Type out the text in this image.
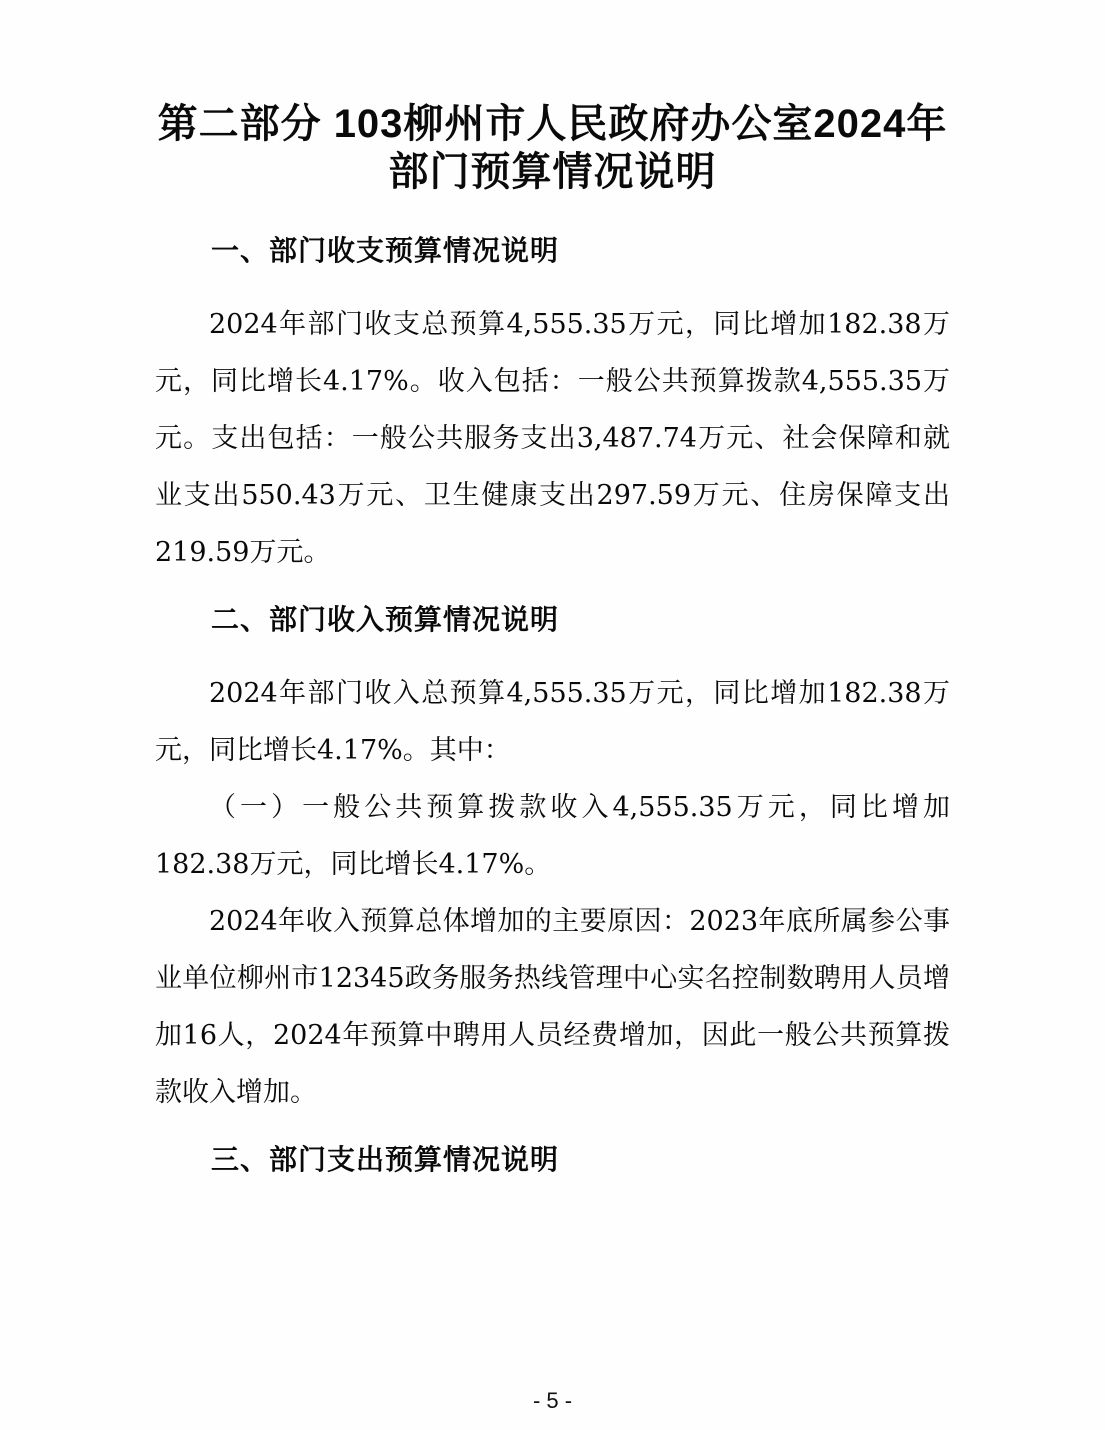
第二部分 103柳州市人民政府办公室2024年
部门预算情况说明
一、部门收支预算情况说明

2024年部门收支总预算4,555.35万元，同比增加182.38万元，同比增长4.17%。收入包括：一般公共预算拨款4,555.35万元。支出包括：一般公共服务支出3,487.74万元、社会保障和就业支出550.43万元、卫生健康支出297.59万元、住房保障支出219.59万元。

二、部门收入预算情况说明

2024年部门收入总预算4,555.35万元，同比增加182.38万元，同比增长4.17%。其中：

（一）一般公共预算拨款收入4,555.35万元，同比增加182.38万元，同比增长4.17%。

2024年收入预算总体增加的主要原因：2023年底所属参公事业单位柳州市12345政务服务热线管理中心实名控制数聘用人员增加16人，2024年预算中聘用人员经费增加，因此一般公共预算拨款收入增加。

三、部门支出预算情况说明
- 5 -
